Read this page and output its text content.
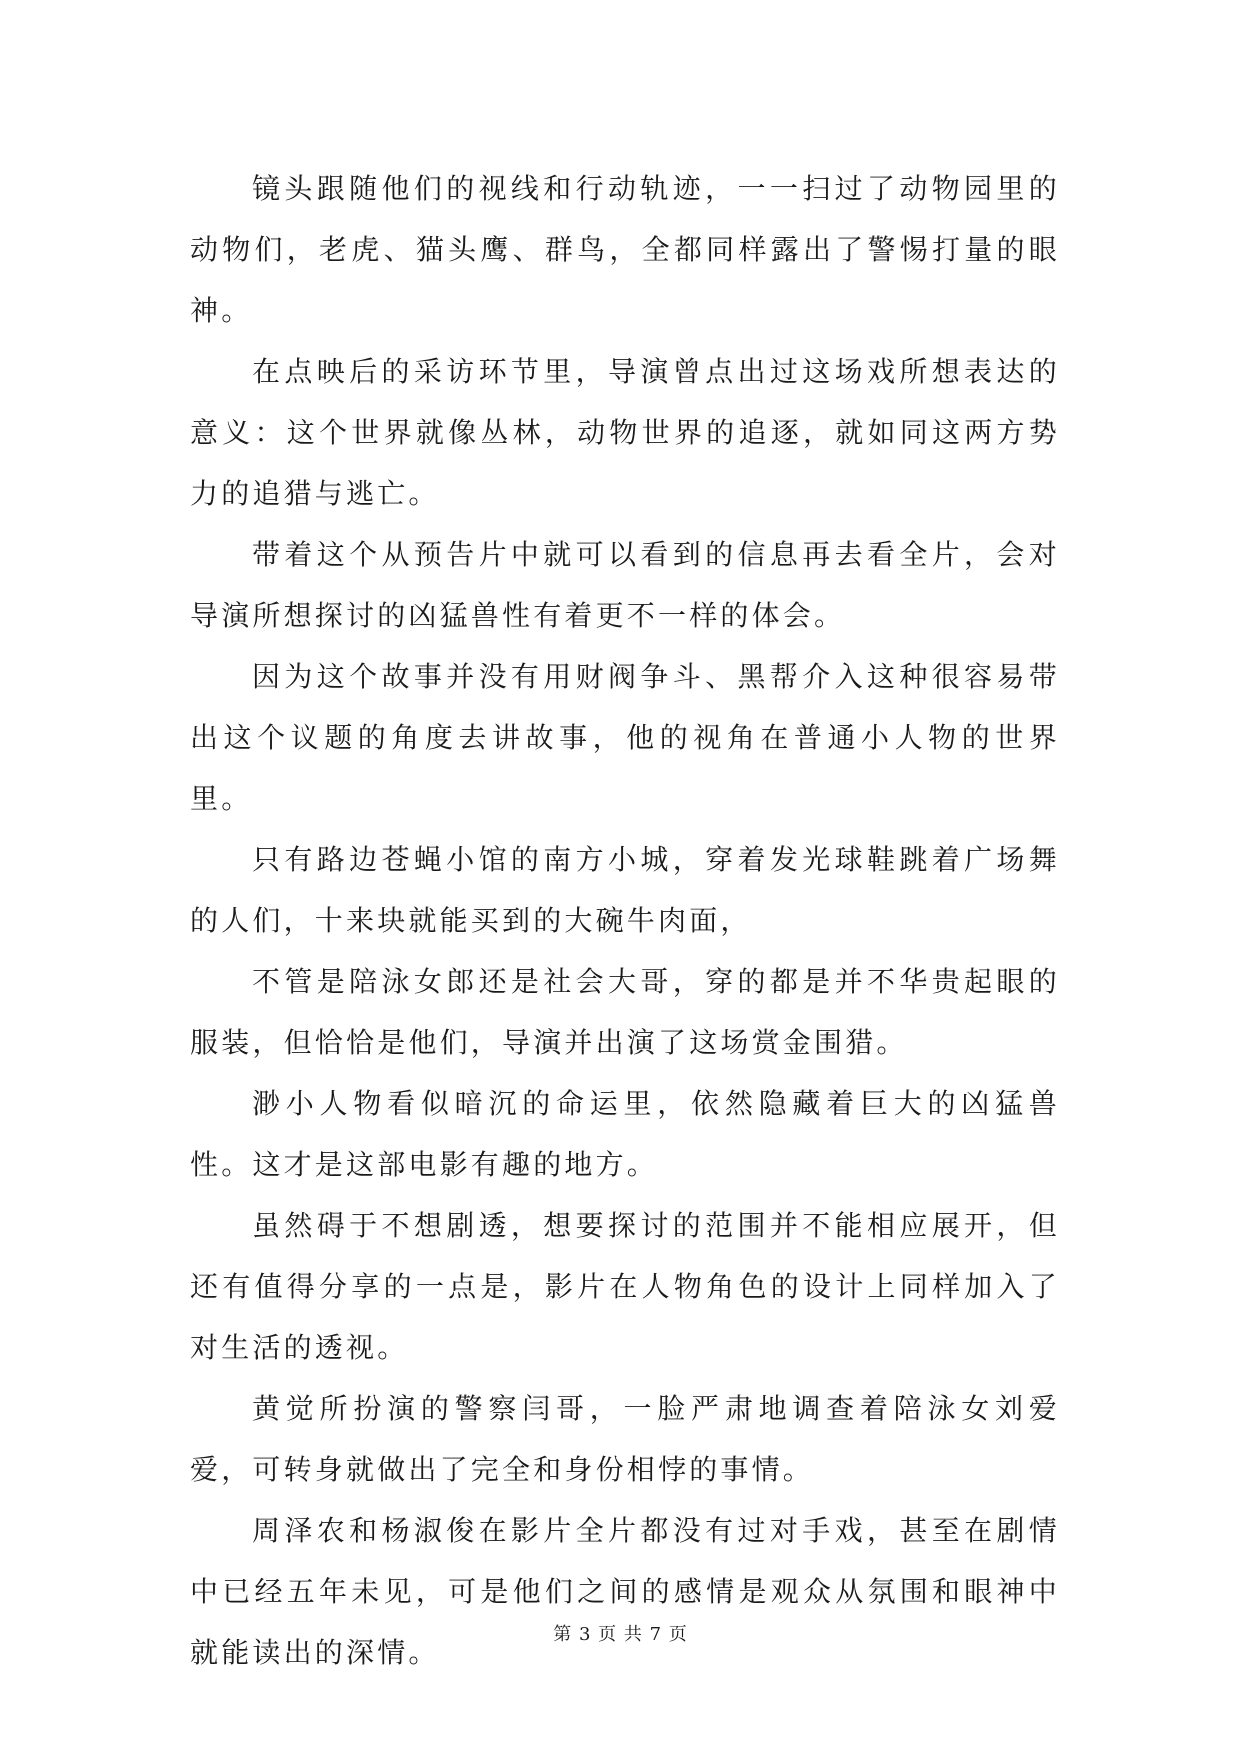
镜头跟随他们的视线和行动轨迹，一一扫过了动物园里的动物们，老虎、猫头鹰、群鸟，全都同样露出了警惕打量的眼神。

在点映后的采访环节里，导演曾点出过这场戏所想表达的意义：这个世界就像丛林，动物世界的追逐，就如同这两方势力的追猎与逃亡。

带着这个从预告片中就可以看到的信息再去看全片，会对导演所想探讨的凶猛兽性有着更不一样的体会。

因为这个故事并没有用财阀争斗、黑帮介入这种很容易带出这个议题的角度去讲故事，他的视角在普通小人物的世界里。

只有路边苍蝇小馆的南方小城，穿着发光球鞋跳着广场舞的人们，十来块就能买到的大碗牛肉面，

不管是陪泳女郎还是社会大哥，穿的都是并不华贵起眼的服装，但恰恰是他们，导演并出演了这场赏金围猎。

渺小人物看似暗沉的命运里，依然隐藏着巨大的凶猛兽性。这才是这部电影有趣的地方。

虽然碍于不想剧透，想要探讨的范围并不能相应展开，但还有值得分享的一点是，影片在人物角色的设计上同样加入了对生活的透视。

黄觉所扮演的警察闫哥，一脸严肃地调查着陪泳女刘爱爱，可转身就做出了完全和身份相悖的事情。

周泽农和杨淑俊在影片全片都没有过对手戏，甚至在剧情中已经五年未见，可是他们之间的感情是观众从氛围和眼神中就能读出的深情。

第 3 页 共 7 页
